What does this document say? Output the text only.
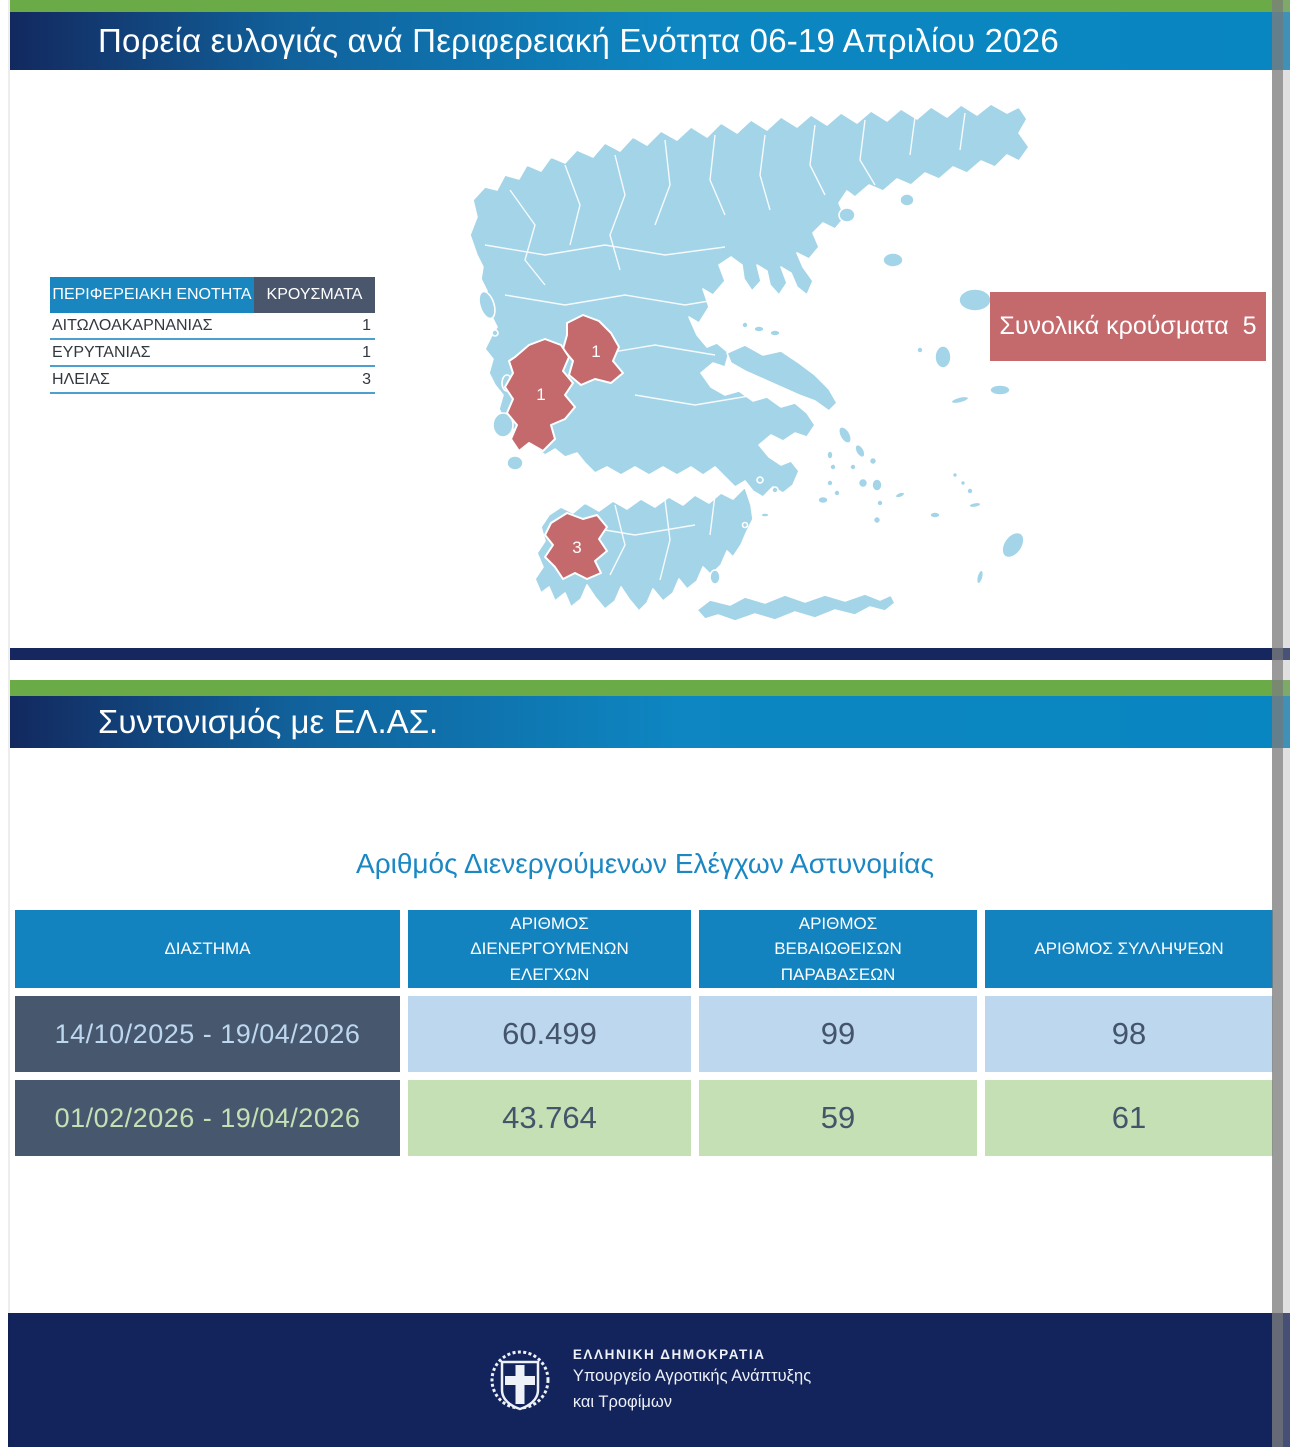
Πορεία ευλογιάς ανά Περιφερειακή Ενότητα 06-19 Απριλίου 2026
ΠΕΡΙΦΕΡΕΙΑΚΗ ΕΝΟΤΗΤΑ ΚΡΟΥΣΜΑΤΑ
ΑΙΤΩΛΟΑΚΑΡΝΑΝΙΑΣ	1
ΕΥΡΥΤΑΝΙΑΣ	1
ΗΛΕΙΑΣ	3
1
1
3
Συνολικά κρούσματα 5
Συντονισμός με ΕΛ.ΑΣ.
Αριθμός Διενεργούμενων Ελέγχων Αστυνομίας
ΔΙΑΣΤΗΜΑ
ΑΡΙΘΜΟΣ ΔΙΕΝΕΡΓΟΥΜΕΝΩΝ ΕΛΕΓΧΩΝ
ΑΡΙΘΜΟΣ ΒΕΒΑΙΩΘΕΙΣΩΝ ΠΑΡΑΒΑΣΕΩΝ
ΑΡΙΘΜΟΣ ΣΥΛΛΗΨΕΩΝ
14/10/2025 - 19/04/2026	60.499	99	98
01/02/2026 - 19/04/2026	43.764	59	61
ΕΛΛΗΝΙΚΗ ΔΗΜΟΚΡΑΤΙΑ
Υπουργείο Αγροτικής Ανάπτυξης
και Τροφίμων
